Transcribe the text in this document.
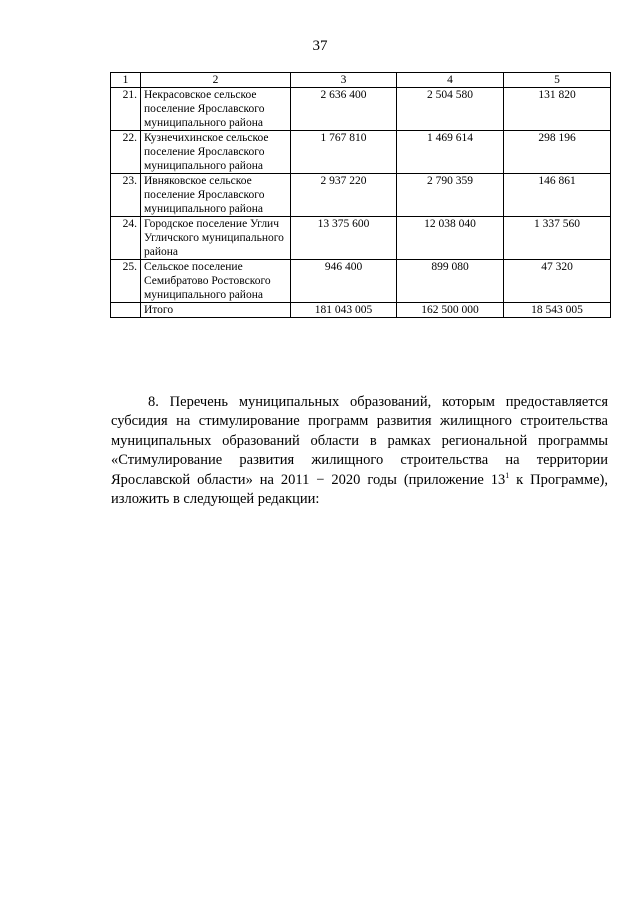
37
1	2	3	4	5
21.	Некрасовское сельское поселение Ярославского муниципального района	2 636 400	2 504 580	131 820
22.	Кузнечихинское сельское поселение Ярославского муниципального района	1 767 810	1 469 614	298 196
23.	Ивняковское сельское поселение Ярославского муниципального района	2 937 220	2 790 359	146 861
24.	Городское поселение Углич Угличского муниципального района	13 375 600	12 038 040	1 337 560
25.	Сельское поселение Семибратово Ростовского муниципального района	946 400	899 080	47 320
	Итого	181 043 005	162 500 000	18 543 005

8. Перечень муниципальных образований, которым предоставляется субсидия на стимулирование программ развития жилищного строительства муниципальных образований области в рамках региональной программы «Стимулирование развития жилищного строительства на территории Ярославской области» на 2011 − 2020 годы (приложение $13^1$ к Программе), изложить в следующей редакции:
